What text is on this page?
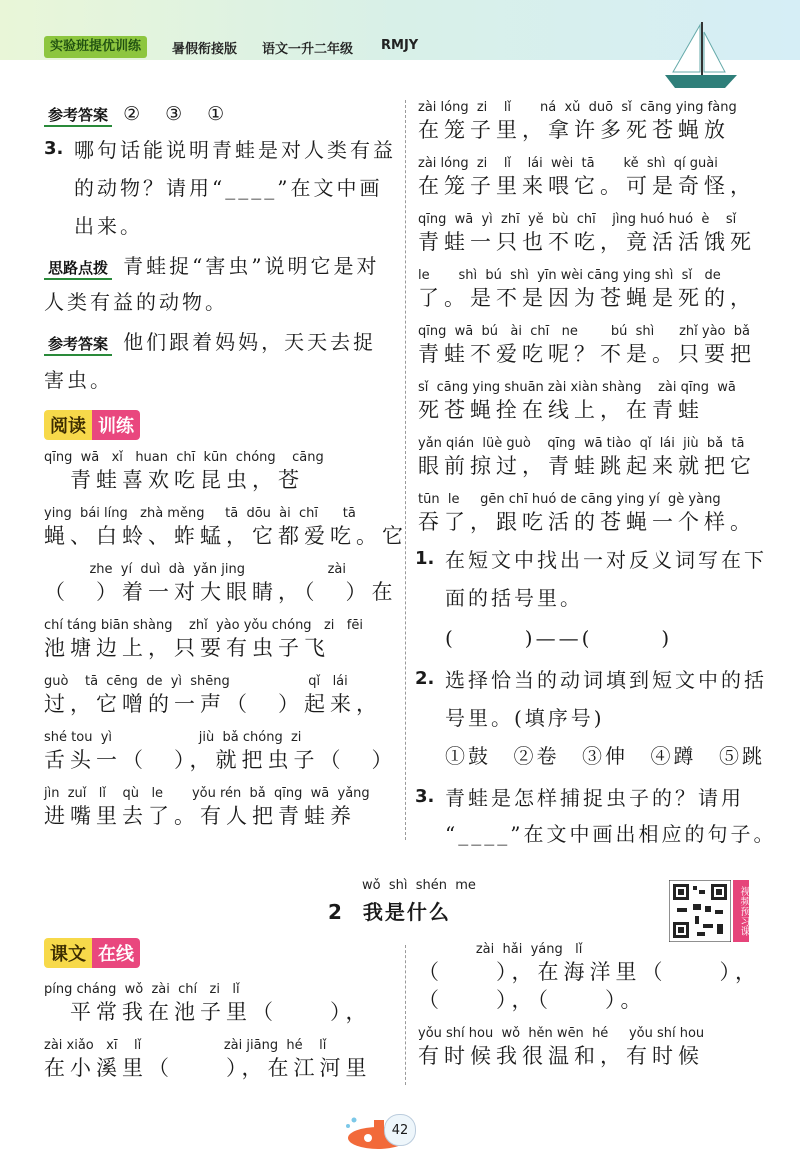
实验班提优训练	暑假衔接版 语文一升二年级 RMJY
参考答案 ②　③　①
3. 哪句话能说明青蛙是对人类有益
的动物？请用“____”在文中画
出来。
思路点拨 青蛙捉“害虫”说明它是对
人类有益的动物。
参考答案 他们跟着妈妈，天天去捉
害虫。
阅读 训练
qīng  wā   xǐ   huan  chī  kūn  chóng    cāng
　青蛙喜欢吃昆虫，苍
ying  bái líng   zhà měng     tā  dōu  ài  chī      tā
蝇、白蛉、蚱蜢，它都爱吃。它
zhe  yí  duì  dà  yǎn jing                    zài
（　）着一对大眼睛，（　）在
chí táng biān shàng    zhǐ  yào yǒu chóng   zi   fēi
池塘边上，只要有虫子飞
guò    tā  cēng  de  yì  shēng                   qǐ   lái
过，它噌的一声（　）起来，
shé tou  yì                     jiù  bǎ chóng  zi
舌头一（　），就把虫子（　）
jìn  zuǐ   lǐ    qù   le       yǒu rén  bǎ  qīng  wā  yǎng
进嘴里去了。有人把青蛙养
zài lóng  zi    lǐ       ná  xǔ  duō  sǐ  cāng ying fàng
在笼子里，拿许多死苍蝇放
zài lóng  zi    lǐ    lái  wèi  tā       kě  shì  qí guài
在笼子里来喂它。可是奇怪，
qīng  wā  yì  zhī  yě  bù  chī    jìng huó huó  è    sǐ
青蛙一只也不吃，竟活活饿死
le       shì  bú  shì  yīn wèi cāng ying shì  sǐ   de
了。是不是因为苍蝇是死的，
qīng  wā  bú   ài  chī   ne        bú  shì      zhǐ yào  bǎ
青蛙不爱吃呢？不是。只要把
sǐ  cāng ying shuān zài xiàn shàng    zài qīng  wā
死苍蝇拴在线上，在青蛙
yǎn qián  lüè guò    qīng  wā tiào  qǐ  lái  jiù  bǎ  tā
眼前掠过，青蛙跳起来就把它
tūn  le     gēn chī huó de cāng ying yí  gè yàng
吞了，跟吃活的苍蝇一个样。
1. 在短文中找出一对反义词写在下
面的括号里。
(　　　)——(　　　)
2. 选择恰当的动词填到短文中的括
号里。(填序号)
①鼓 ②卷 ③伸 ④蹲 ⑤跳
3. 青蛙是怎样捕捉虫子的？请用
“____”在文中画出相应的句子。
wǒ  shì  shén  me
2 我是什么	视频预习课
课文 在线
píng cháng  wǒ  zài  chí   zi   lǐ
　平常我在池子里（　　），
zài xiǎo   xī    lǐ                    zài jiāng  hé    lǐ
在小溪里（　　），在江河里
zài  hǎi  yáng   lǐ
（　　），在海洋里（　　），
（　　），（　　）。
yǒu shí hou  wǒ  hěn wēn  hé     yǒu shí hou
有时候我很温和，有时候
42
